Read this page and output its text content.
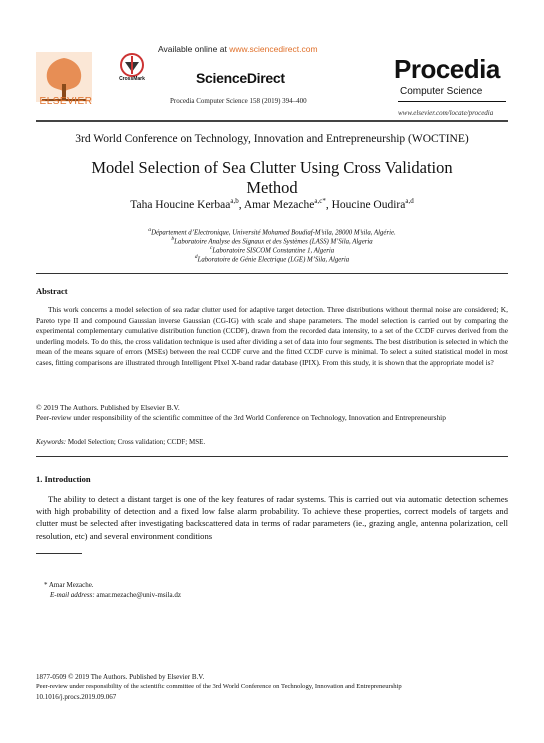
ELSEVIER
Available online at www.sciencedirect.com
CrossMark	ScienceDirect
Procedia Computer Science 158 (2019) 394–400
Procedia
Computer Science
www.elsevier.com/locate/procedia
3rd World Conference on Technology, Innovation and Entrepreneurship (WOCTINE)
Model Selection of Sea Clutter Using Cross Validation
Method
Taha Houcine Kerbaa$^{a,b}$, Amar Mezache$^{a,c*}$, Houcine Oudira$^{a,d}$
$^a$Département d’Electronique, Université Mohamed Boudiaf-M’sila, 28000 M’sila, Algérie.
$^b$Laboratoire Analyse des Signaux et des Systèmes (LASS) M’Sila, Algeria
$^c$Laboratoire SISCOM Constantine 1, Algeria
$^d$Laboratoire de Génie Electrique (LGE) M’Sila, Algeria
Abstract
This work concerns a model selection of sea radar clutter used for adaptive target detection. Three distributions without thermal noise are considered; K, Pareto type II and compound Gaussian inverse Gaussian (CG-IG) with scale and shape parameters. The model selection is carried out by comparing the experimental complementary cumulative distribution function (CCDF), drawn from the recorded data intensity, to a set of the CCDF curves derived from the underling models. To do this, the cross validation technique is used after dividing a set of data into four segments. The best distribution is selected in which the mean of the means square of errors (MSEs) between the real CCDF curve and the fitted CCDF curve is minimal. To select a suited statistical model in most cases, fitting comparisons are illustrated through Intelligent PIxel X-band radar database (IPIX). From this study, it is shown that the appropriate model is?
© 2019 The Authors. Published by Elsevier B.V.
Peer-review under responsibility of the scientific committee of the 3rd World Conference on Technology, Innovation and Entrepreneurship
Keywords: Model Selection; Cross validation; CCDF; MSE.
1. Introduction
The ability to detect a distant target is one of the key features of radar systems. This is carried out via automatic detection schemes with high probability of detection and a fixed low false alarm probability. To achieve these properties, correct models of targets and clutter must be selected after investigating backscattered data in terms of radar parameters (ie., grazing angle, antenna polarization, cell resolution, etc) and several environment conditions
* Amar Mezache.
E-mail address: amar.mezache@univ-msila.dz
1877-0509 © 2019 The Authors. Published by Elsevier B.V.
Peer-review under responsibility of the scientific committee of the 3rd World Conference on Technology, Innovation and Entrepreneurship
10.1016/j.procs.2019.09.067
